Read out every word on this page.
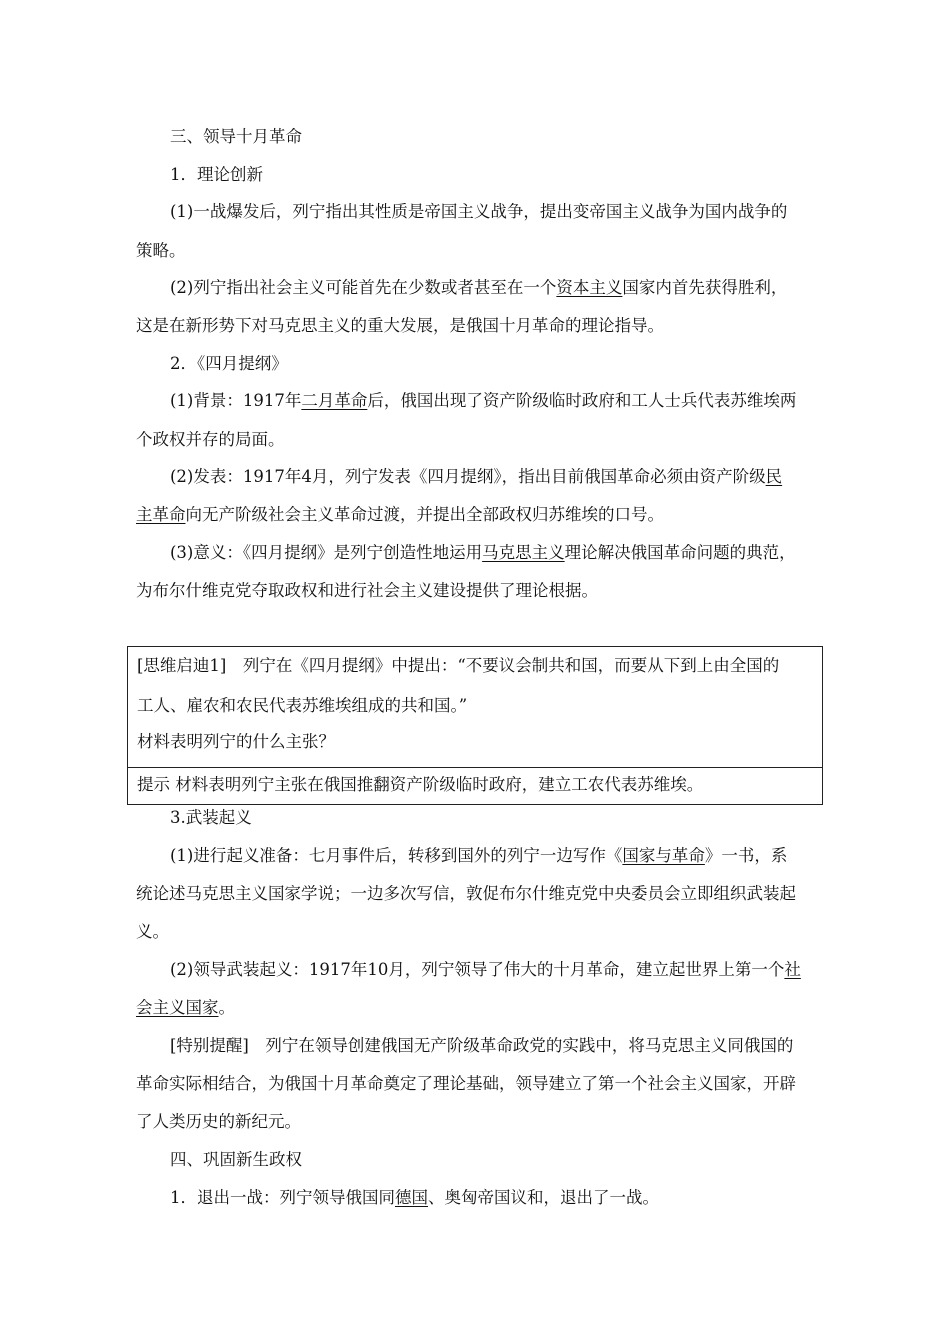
三、领导十月革命
1．理论创新
(1)一战爆发后，列宁指出其性质是帝国主义战争，提出变帝国主义战争为国内战争的
策略。
(2)列宁指出社会主义可能首先在少数或者甚至在一个资本主义国家内首先获得胜利，
这是在新形势下对马克思主义的重大发展，是俄国十月革命的理论指导。
2．《四月提纲》
(1)背景：1917年二月革命后，俄国出现了资产阶级临时政府和工人士兵代表苏维埃两
个政权并存的局面。
(2)发表：1917年4月，列宁发表《四月提纲》，指出目前俄国革命必须由资产阶级民
主革命向无产阶级社会主义革命过渡，并提出全部政权归苏维埃的口号。
(3)意义：《四月提纲》是列宁创造性地运用马克思主义理论解决俄国革命问题的典范，
为布尔什维克党夺取政权和进行社会主义建设提供了理论根据。
[思维启迪1]　列宁在《四月提纲》中提出：“不要议会制共和国，而要从下到上由全国的
工人、雇农和农民代表苏维埃组成的共和国。”
材料表明列宁的什么主张？
提示 材料表明列宁主张在俄国推翻资产阶级临时政府，建立工农代表苏维埃。
3.武装起义
(1)进行起义准备：七月事件后，转移到国外的列宁一边写作《国家与革命》一书，系
统论述马克思主义国家学说；一边多次写信，敦促布尔什维克党中央委员会立即组织武装起
义。
(2)领导武装起义：1917年10月，列宁领导了伟大的十月革命，建立起世界上第一个社
会主义国家。
[特别提醒]　列宁在领导创建俄国无产阶级革命政党的实践中，将马克思主义同俄国的
革命实际相结合，为俄国十月革命奠定了理论基础，领导建立了第一个社会主义国家，开辟
了人类历史的新纪元。
四、巩固新生政权
1．退出一战：列宁领导俄国同德国、奥匈帝国议和，退出了一战。
